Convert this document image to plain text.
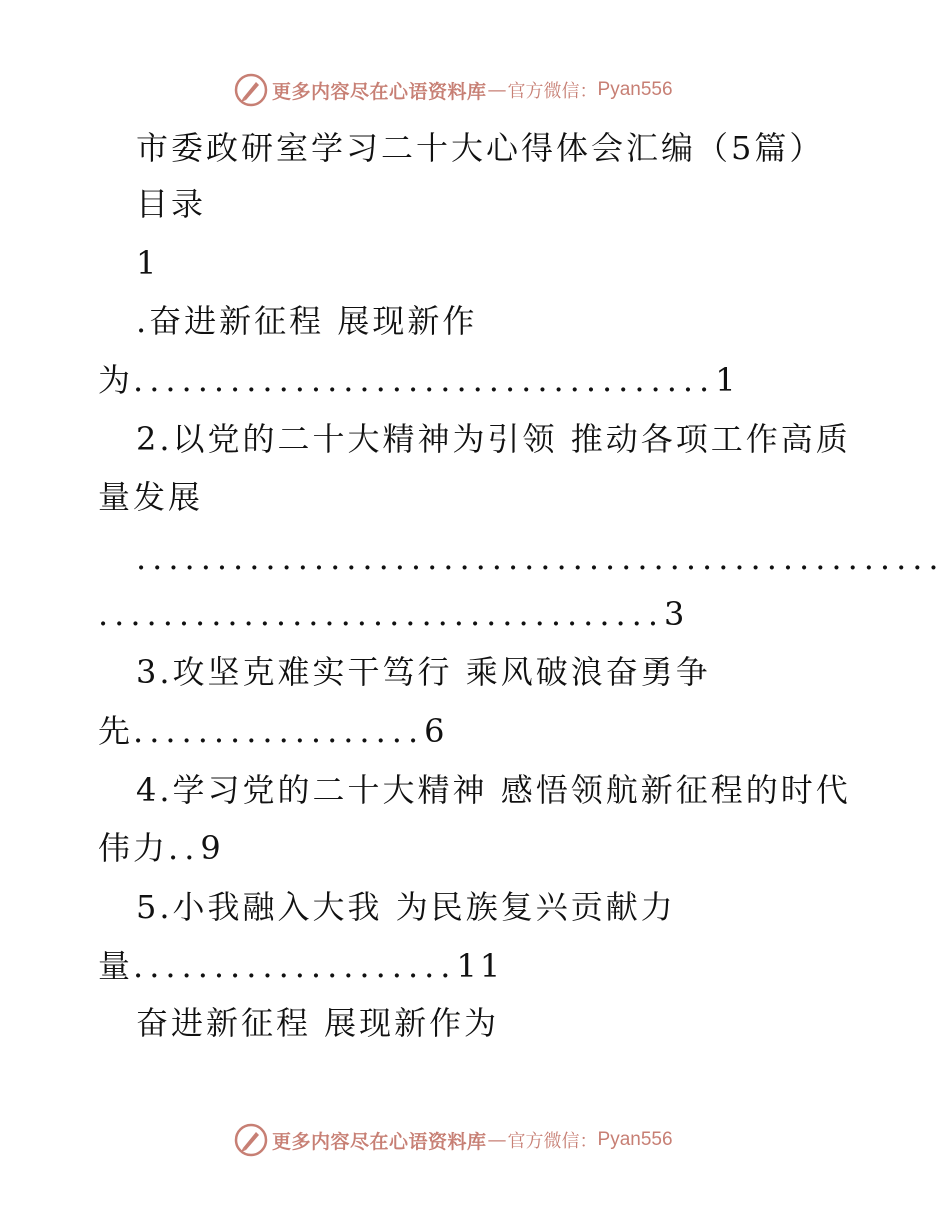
更多内容尽在心语资料库 — 官方微信： Pyan556
市委政研室学习二十大心得体会汇编（5篇）
目录
1
.奋进新征程 展现新作
为....................................1
2.以党的二十大精神为引领 推动各项工作高质
量发展
..................................................
...................................3
3.攻坚克难实干笃行 乘风破浪奋勇争
先..................6
4.学习党的二十大精神 感悟领航新征程的时代
伟力..9
5.小我融入大我 为民族复兴贡献力
量....................11
奋进新征程 展现新作为
更多内容尽在心语资料库 — 官方微信： Pyan556
